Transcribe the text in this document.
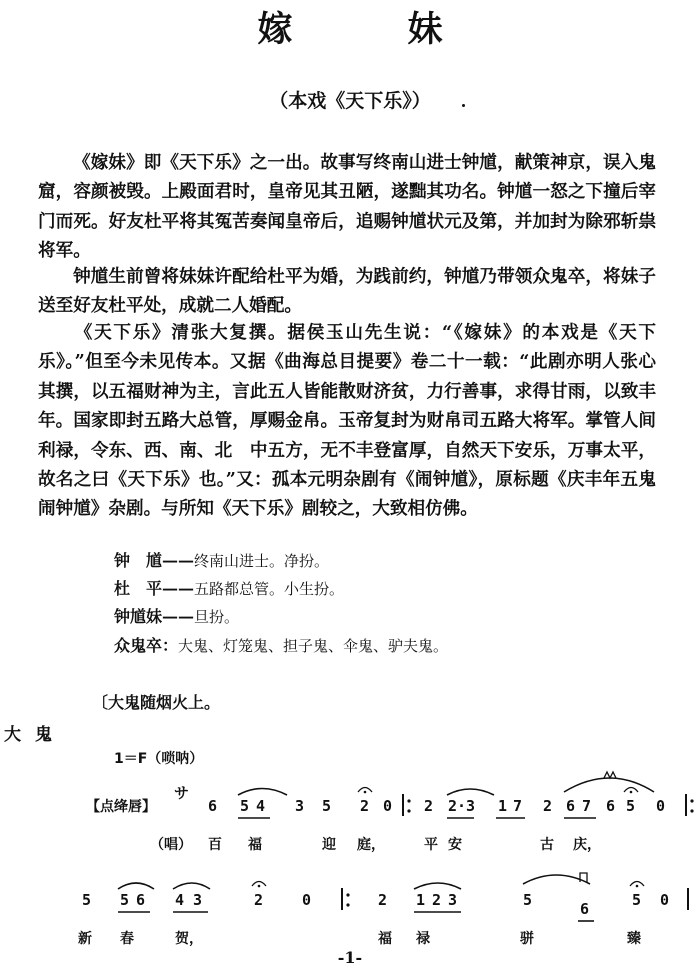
嫁　妹
（本戏《天下乐》）
《嫁妹》即《天下乐》之一出。故事写终南山进士钟馗，献策神京，误入鬼窟，容颜被毁。上殿面君时，皇帝见其丑陋，遂黜其功名。钟馗一怒之下撞后宰门而死。好友杜平将其冤苦奏闻皇帝后，追赐钟馗状元及第，并加封为除邪斩祟将军。
钟馗生前曾将妹妹许配给杜平为婚，为践前约，钟馗乃带领众鬼卒，将妹子送至好友杜平处，成就二人婚配。
《天下乐》清张大复撰。据侯玉山先生说：“《嫁妹》的本戏是《天下乐》。”但至今未见传本。又据《曲海总目提要》卷二十一载：“此剧亦明人张心其撰，以五福财神为主，言此五人皆能散财济贫，力行善事，求得甘雨，以致丰年。国家即封五路大总管，厚赐金帛。玉帝复封为财帛司五路大将军。掌管人间利禄，令东、西、南、北　中五方，无不丰登富厚，自然天下安乐，万事太平，故名之曰《天下乐》也。”又：孤本元明杂剧有《闹钟馗》，原标题《庆丰年五鬼闹钟馗》杂剧。与所知《天下乐》剧较之，大致相仿佛。
钟　馗——终南山进士。净扮。
杜　平——五路都总管。小生扮。
钟馗妹——旦扮。
众鬼卒：大鬼、灯笼鬼、担子鬼、伞鬼、驴夫鬼。
〔大鬼随烟火上。
大鬼
1＝F（唢呐）
【点绛唇】
サ
6 5 4 3 5 2 0 2 2·3 1 7 2 6 7 6 5 0
（唱） 百 福	迎 庭，	平 安	古 庆，
5 5 6 4 3	2	0	2 1 2 3	5	6	5 0
新 春	贺，	福 禄	骈	臻
-1-
